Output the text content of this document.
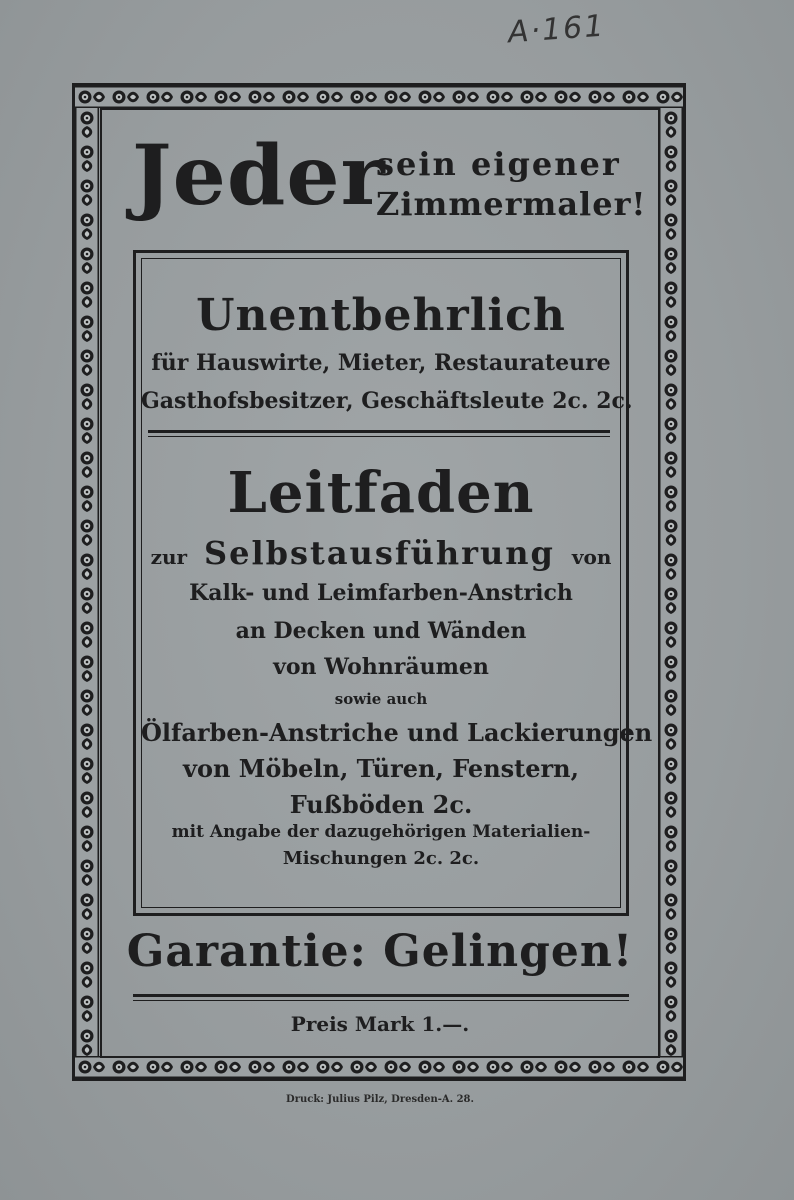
A·161
Jeder
sein eigener
Zimmermaler!
Unentbehrlich
für Hauswirte, Mieter, Restaurateure
Gasthofsbesitzer, Geschäftsleute 2c. 2c.
Leitfaden
zur Selbstausführung von
Kalk- und Leimfarben-Anstrich
an Decken und Wänden
von Wohnräumen
sowie auch
Ölfarben-Anstriche und Lackierungen
von Möbeln, Türen, Fenstern,
Fußböden 2c.
mit Angabe der dazugehörigen Materialien-
Mischungen 2c. 2c.
Garantie: Gelingen!
Preis Mark 1.—.
Druck: Julius Pilz, Dresden-A. 28.
